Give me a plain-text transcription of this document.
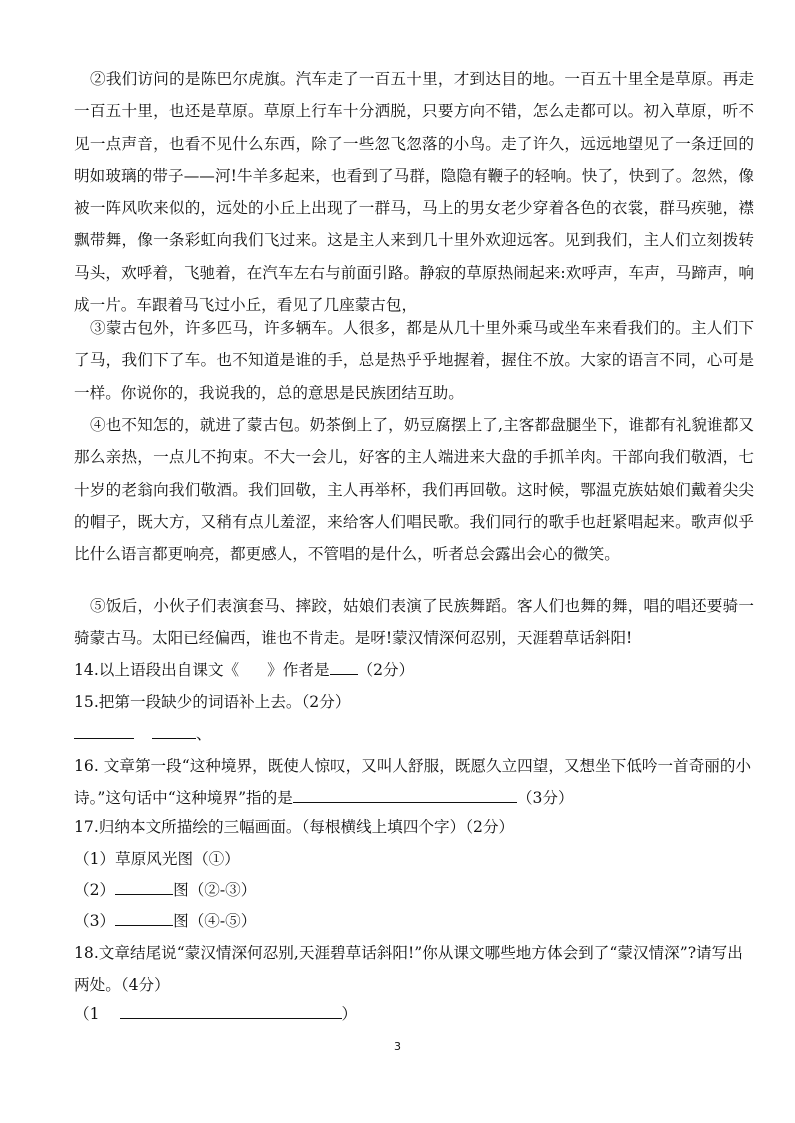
②我们访问的是陈巴尔虎旗。汽车走了一百五十里，才到达目的地。一百五十里全是草原。再走一百五十里，也还是草原。草原上行车十分洒脱，只要方向不错，怎么走都可以。初入草原，听不见一点声音，也看不见什么东西，除了一些忽飞忽落的小鸟。走了许久，远远地望见了一条迂回的明如玻璃的带子——河!牛羊多起来，也看到了马群，隐隐有鞭子的轻响。快了，快到了。忽然，像被一阵风吹来似的，远处的小丘上出现了一群马，马上的男女老少穿着各色的衣裳，群马疾驰，襟飘带舞，像一条彩虹向我们飞过来。这是主人来到几十里外欢迎远客。见到我们，主人们立刻拨转马头，欢呼着，飞驰着，在汽车左右与前面引路。静寂的草原热闹起来:欢呼声，车声，马蹄声，响成一片。车跟着马飞过小丘，看见了几座蒙古包，

③蒙古包外，许多匹马，许多辆车。人很多，都是从几十里外乘马或坐车来看我们的。主人们下了马，我们下了车。也不知道是谁的手，总是热乎乎地握着，握住不放。大家的语言不同，心可是一样。你说你的，我说我的，总的意思是民族团结互助。

④也不知怎的，就进了蒙古包。奶茶倒上了，奶豆腐摆上了,主客都盘腿坐下，谁都有礼貌谁都又那么亲热，一点儿不拘束。不大一会儿，好客的主人端进来大盘的手抓羊肉。干部向我们敬酒，七十岁的老翁向我们敬酒。我们回敬，主人再举杯，我们再回敬。这时候，鄂温克族姑娘们戴着尖尖的帽子，既大方，又稍有点儿羞涩，来给客人们唱民歌。我们同行的歌手也赶紧唱起来。歌声似乎比什么语言都更响亮，都更感人，不管唱的是什么，听者总会露出会心的微笑。

⑤饭后，小伙子们表演套马、摔跤，姑娘们表演了民族舞蹈。客人们也舞的舞，唱的唱还要骑一骑蒙古马。太阳已经偏西，谁也不肯走。是呀!蒙汉情深何忍别，天涯碧草话斜阳!

14.以上语段出自课文《 》作者是 （2分）

15.把第一段缺少的词语补上去。（2分）

、

16. 文章第一段“这种境界，既使人惊叹，又叫人舒服，既愿久立四望，又想坐下低吟一首奇丽的小诗。”这句话中“这种境界”指的是	（3分）

17.归纳本文所描绘的三幅画面。（每根横线上填四个字）（2分）

（1）草原风光图（①）

（2）	图（②-③）

（3）	图（④-⑤）

18.文章结尾说“蒙汉情深何忍别,天涯碧草话斜阳!”你从课文哪些地方体会到了“蒙汉情深”?请写出两处。（4分）

（1	）

3
